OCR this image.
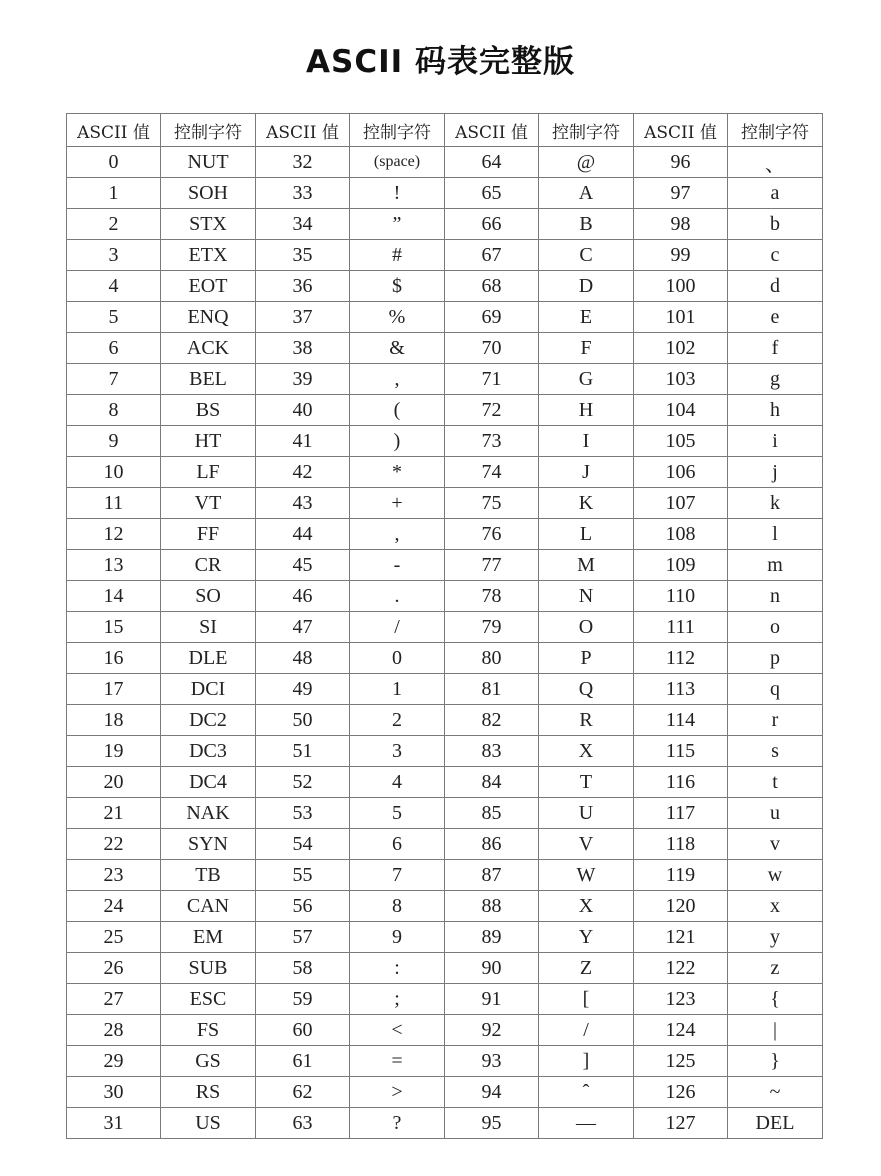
ASCII 码表完整版
ASCII 值	控制字符	ASCII 值	控制字符	ASCII 值	控制字符	ASCII 值	控制字符
0	NUT	32	(space)	64	@	96	、
1	SOH	33	!	65	A	97	a
2	STX	34	”	66	B	98	b
3	ETX	35	#	67	C	99	c
4	EOT	36	$	68	D	100	d
5	ENQ	37	%	69	E	101	e
6	ACK	38	&	70	F	102	f
7	BEL	39	,	71	G	103	g
8	BS	40	(	72	H	104	h
9	HT	41	)	73	I	105	i
10	LF	42	*	74	J	106	j
11	VT	43	+	75	K	107	k
12	FF	44	,	76	L	108	l
13	CR	45	-	77	M	109	m
14	SO	46	.	78	N	110	n
15	SI	47	/	79	O	111	o
16	DLE	48	0	80	P	112	p
17	DCI	49	1	81	Q	113	q
18	DC2	50	2	82	R	114	r
19	DC3	51	3	83	X	115	s
20	DC4	52	4	84	T	116	t
21	NAK	53	5	85	U	117	u
22	SYN	54	6	86	V	118	v
23	TB	55	7	87	W	119	w
24	CAN	56	8	88	X	120	x
25	EM	57	9	89	Y	121	y
26	SUB	58	:	90	Z	122	z
27	ESC	59	;	91	[	123	{
28	FS	60	<	92	/	124	|
29	GS	61	=	93	]	125	}
30	RS	62	>	94	ˆ	126	~
31	US	63	?	95	—	127	DEL
